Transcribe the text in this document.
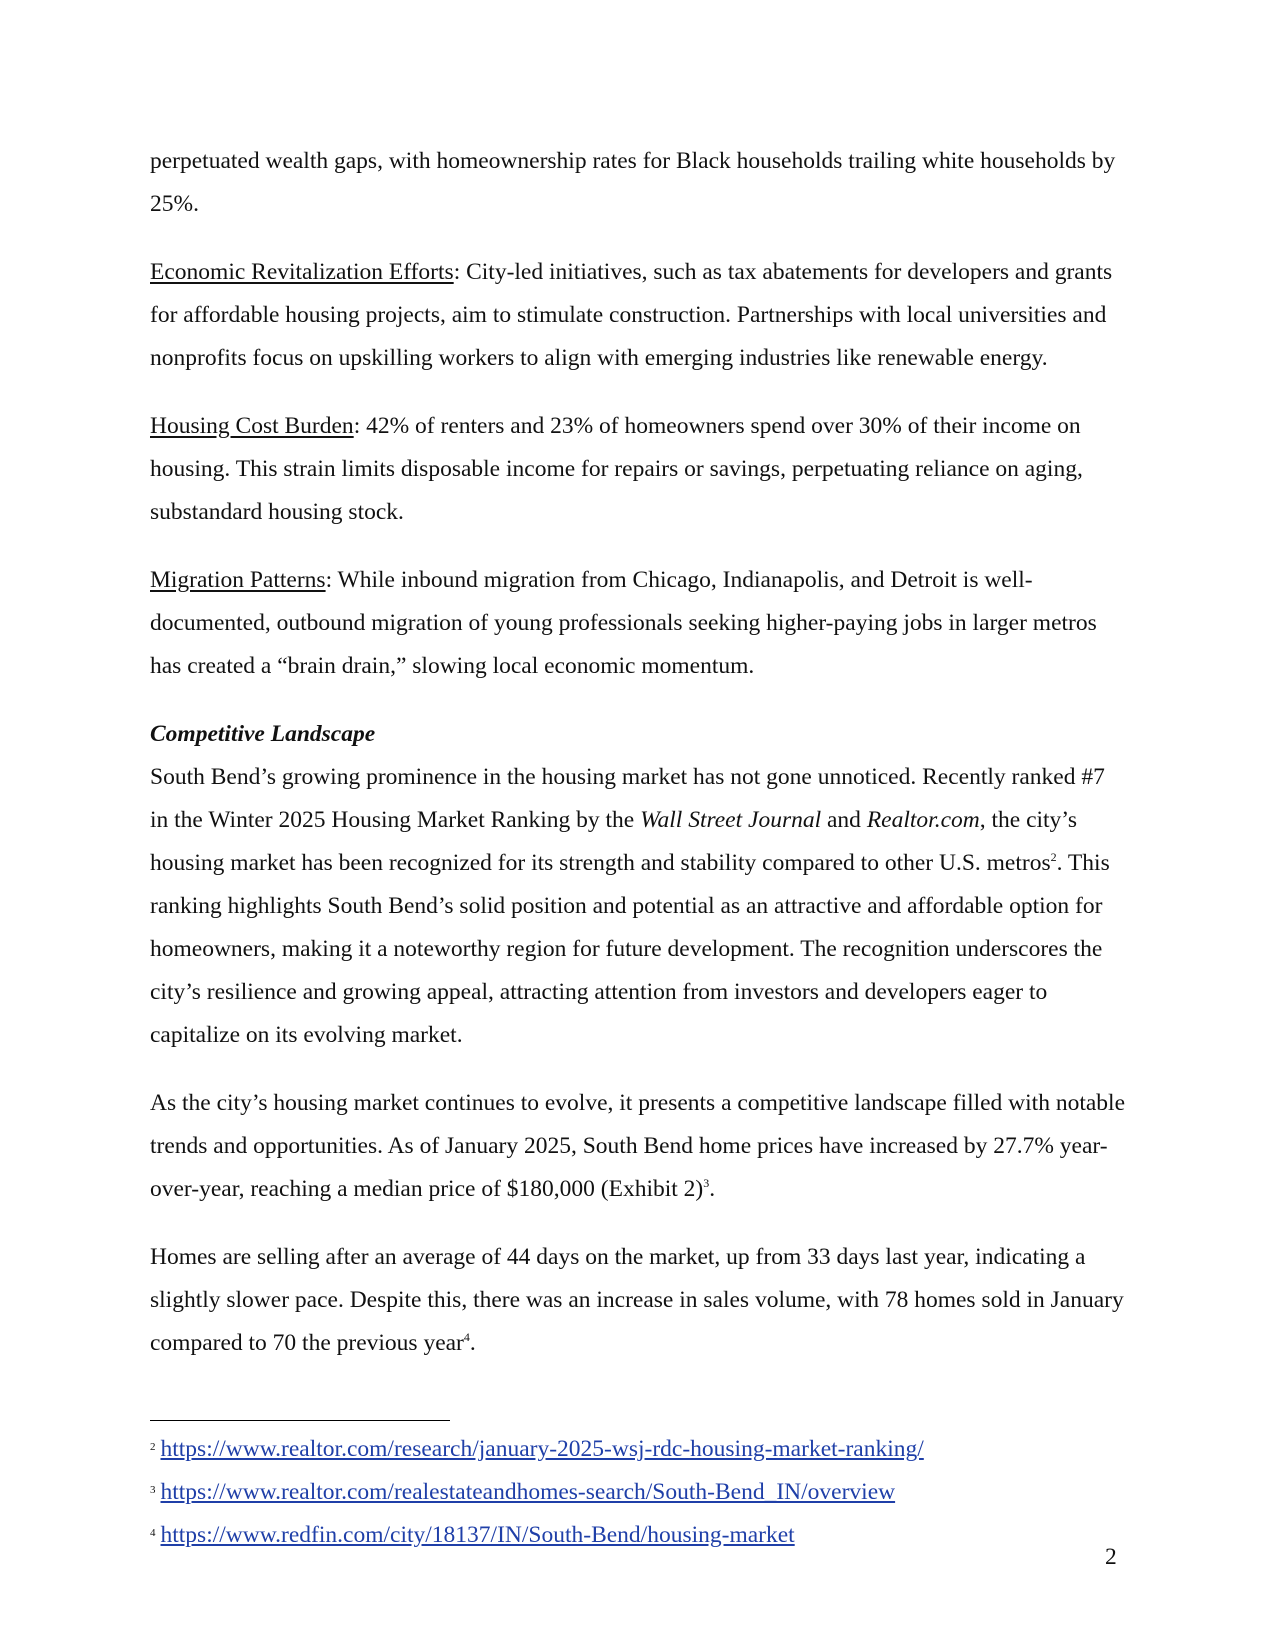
perpetuated wealth gaps, with homeownership rates for Black households trailing white households by 25%.

Economic Revitalization Efforts: City-led initiatives, such as tax abatements for developers and grants for affordable housing projects, aim to stimulate construction. Partnerships with local universities and nonprofits focus on upskilling workers to align with emerging industries like renewable energy.

Housing Cost Burden: 42% of renters and 23% of homeowners spend over 30% of their income on housing. This strain limits disposable income for repairs or savings, perpetuating reliance on aging, substandard housing stock.

Migration Patterns: While inbound migration from Chicago, Indianapolis, and Detroit is well-documented, outbound migration of young professionals seeking higher-paying jobs in larger metros has created a “brain drain,” slowing local economic momentum.

Competitive Landscape

South Bend’s growing prominence in the housing market has not gone unnoticed. Recently ranked #7 in the Winter 2025 Housing Market Ranking by the Wall Street Journal and Realtor.com, the city’s housing market has been recognized for its strength and stability compared to other U.S. metros$^2$. This ranking highlights South Bend’s solid position and potential as an attractive and affordable option for homeowners, making it a noteworthy region for future development. The recognition underscores the city’s resilience and growing appeal, attracting attention from investors and developers eager to capitalize on its evolving market.

As the city’s housing market continues to evolve, it presents a competitive landscape filled with notable trends and opportunities. As of January 2025, South Bend home prices have increased by 27.7% year-over-year, reaching a median price of $180,000 (Exhibit 2)$^3$.

Homes are selling after an average of 44 days on the market, up from 33 days last year, indicating a slightly slower pace. Despite this, there was an increase in sales volume, with 78 homes sold in January compared to 70 the previous year$^4$.

$^2$ https://www.realtor.com/research/january-2025-wsj-rdc-housing-market-ranking/

$^3$ https://www.realtor.com/realestateandhomes-search/South-Bend_IN/overview

$^4$ https://www.redfin.com/city/18137/IN/South-Bend/housing-market

2
